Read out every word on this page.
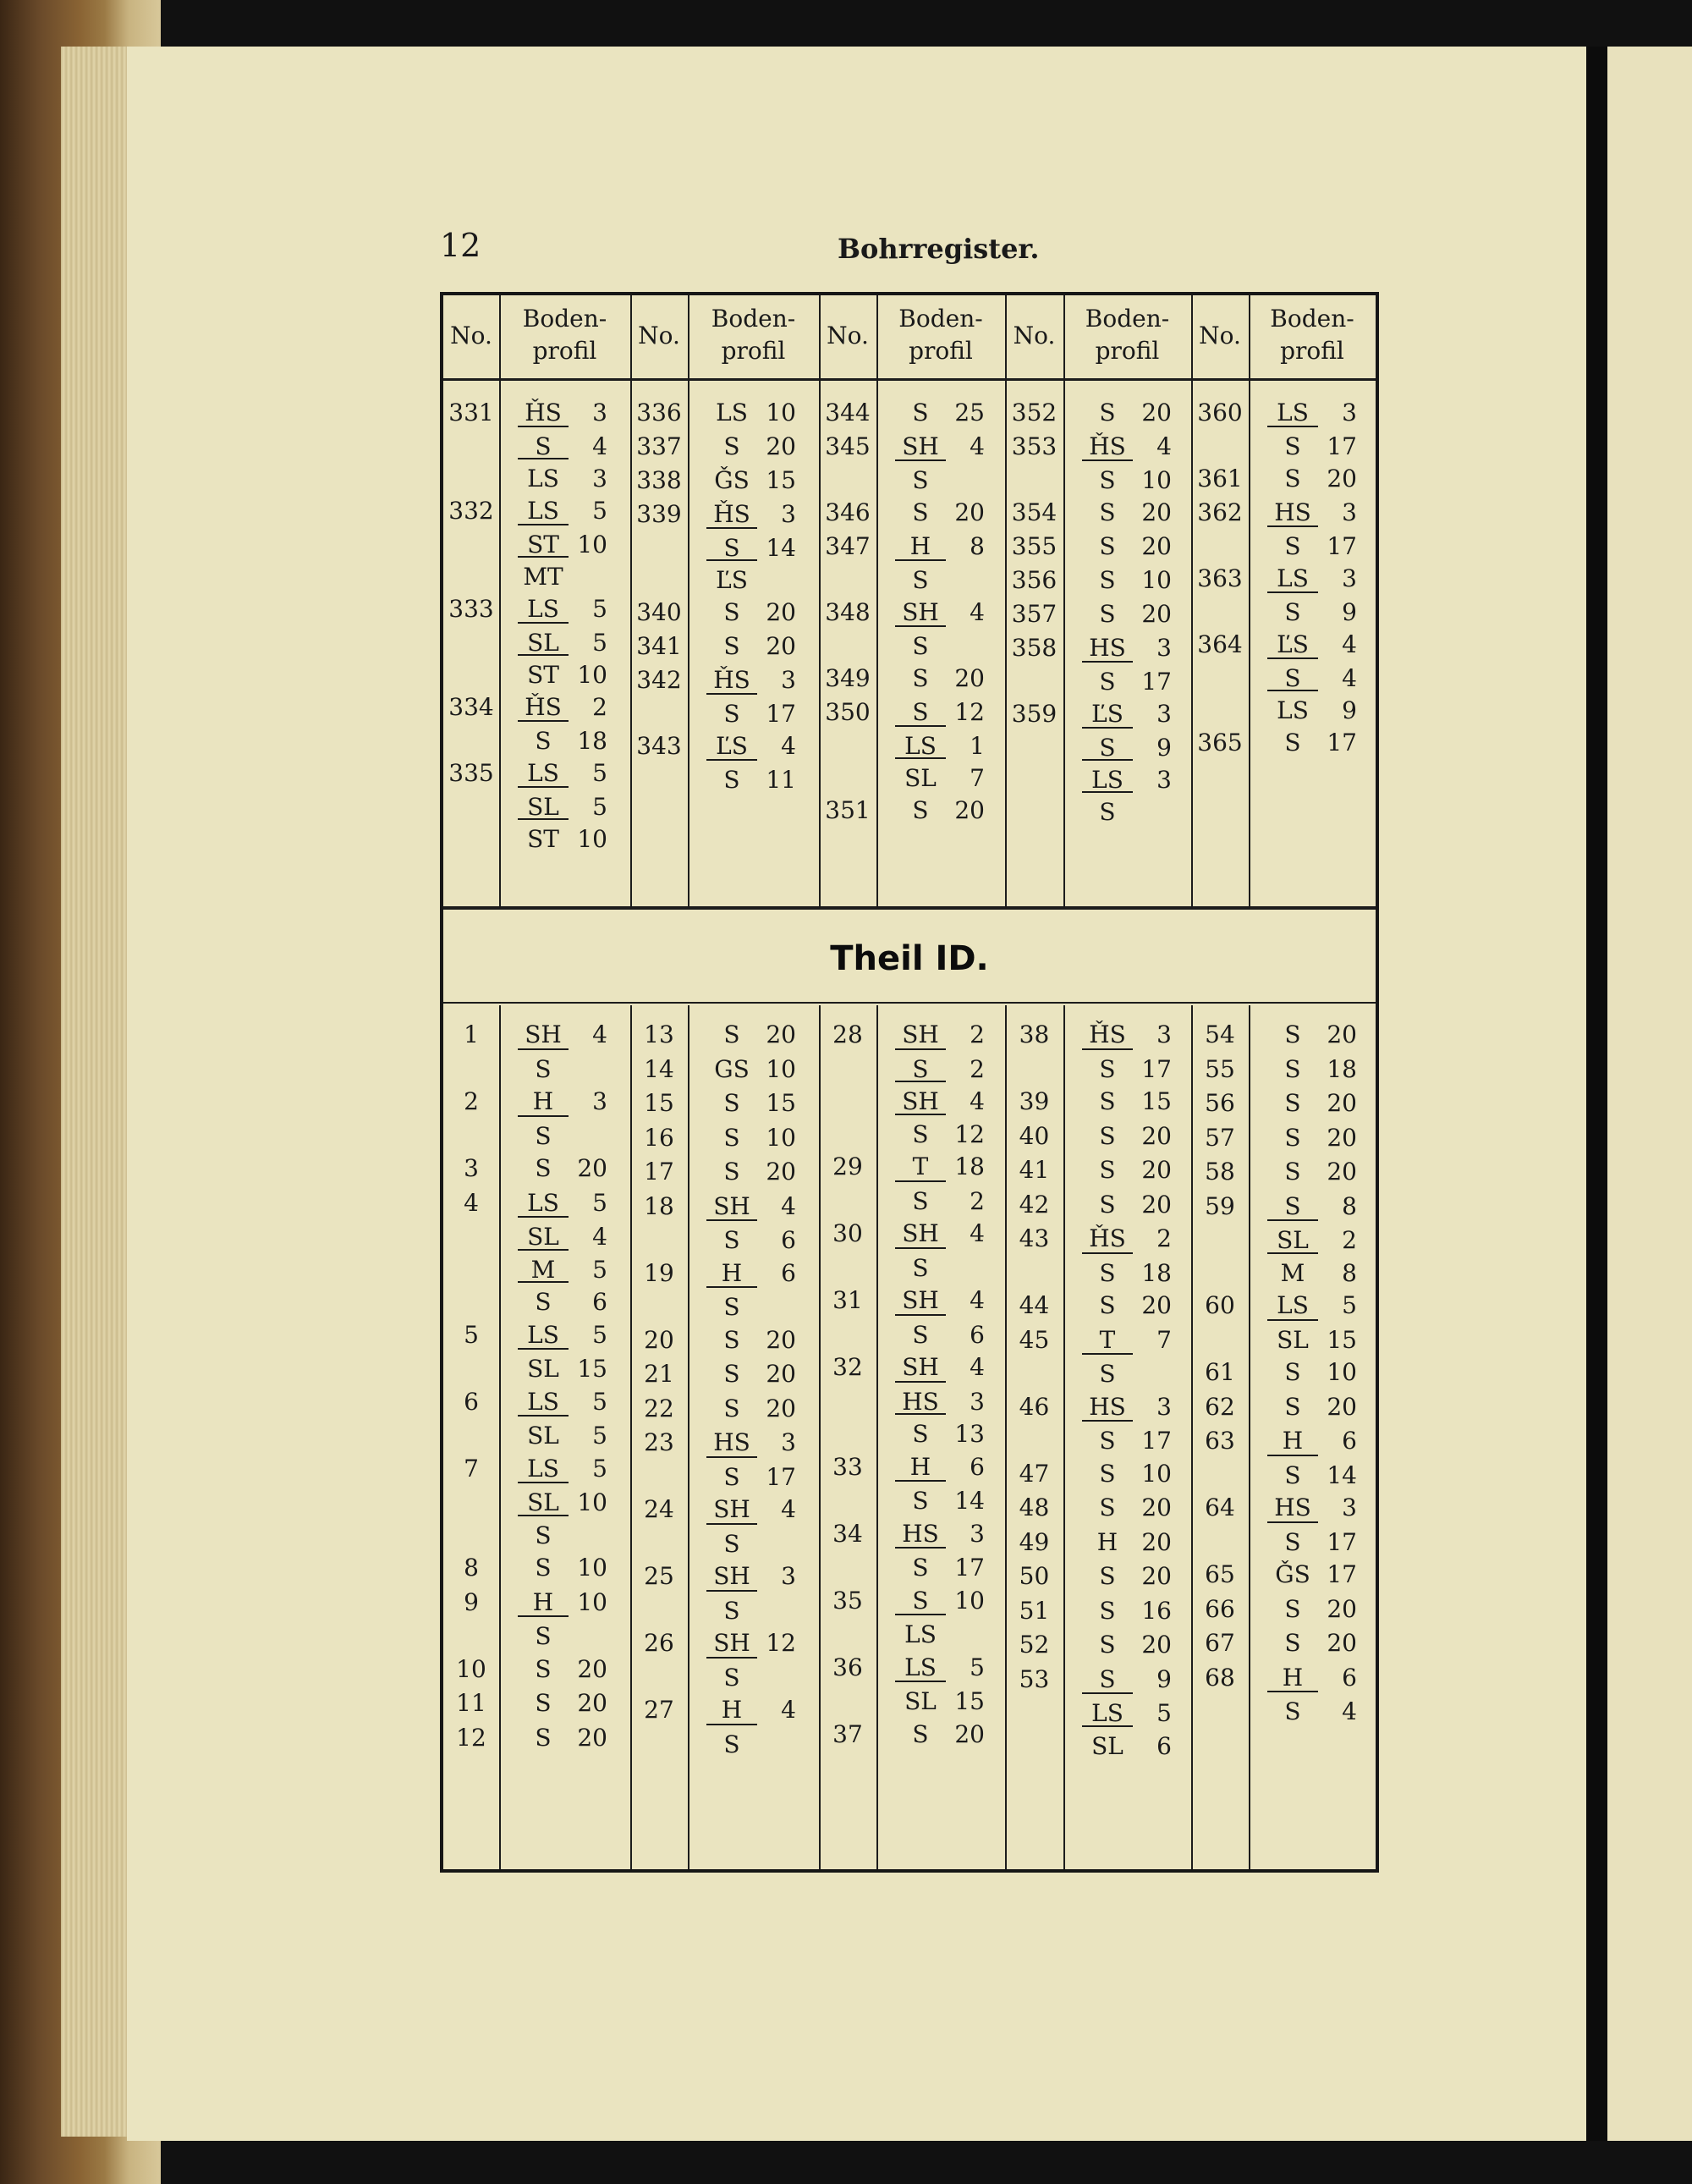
12	Bohrregister.
No.
Boden-
profil
No.
Boden-
profil
No.
Boden-
profil
No.
Boden-
profil
No.
Boden-
profil
331 ȞS 3
S 4
LS 3
332	LS 5
ST 10
MT
333	LS 5
SL 5
ST 10
334 ȞS 2
S 18
335	LS 5
SL 5
ST 10
336	LS 10
337	S 20
338	ǦS 15
339 ȞS 3
S 14
ĽS
340	S 20
341	S 20
342 ȞS 3
S 17
343	ĽS 4
S 11
344	S 25
345 SH 4
S
346	S 20
347	H 8
S
348 SH 4
S
349	S 20
350	S 12
LS 1
SL 7
351	S 20
352	S 20
353 ȞS 4
S 10
354	S 20
355	S 20
356	S 10
357	S 20
358 HS 3
S 17
359	ĽS 3
S 9
LS 3
S
360	LS 3
S 17
361	S 20
362 HS 3
S 17
363	LS 3
S 9
364	ĽS 4
S 4
LS 9
365	S 17
1	SH 4
S
2	H 3
S
3	S 20
4	LS 5
SL 4
M 5
S 6
5	LS 5
SL 15
6	LS 5
SL 5
7	LS 5
SL 10
S
8	S 10
9	H 10
S
10	S 20
11	S 20
12	S 20
13	S 20
14	GS 10
15	S 15
16	S 10
17	S 20
18	SH 4
S 6
19	H 6
S
20	S 20
21	S 20
22	S 20
23	HS 3
S 17
24	SH 4
S
25	SH 3
S
26	SH 12
S
27	H 4
S
28	SH 2
S 2
SH 4
S 12
29	T 18
S 2
30	SH 4
S
31	SH 4
S 6
32	SH 4
HS 3
S 13
33	H 6
S 14
34	HS 3
S 17
35	S 10
LS
36	LS 5
SL 15
37	S 20
38	ȞS 3
S 17
39	S 15
40	S 20
41	S 20
42	S 20
43	ȞS 2
S 18
44	S 20
45	T 7
S
46	HS 3
S 17
47	S 10
48	S 20
49	H 20
50	S 20
51	S 16
52	S 20
53	S 9
LS 5
SL 6
54	S 20
55	S 18
56	S 20
57	S 20
58	S 20
59	S 8
SL 2
M 8
60	LS 5
SL 15
61	S 10
62	S 20
63	H 6
S 14
64	HS 3
S 17
65	ǦS 17
66	S 20
67	S 20
68	H 6
S 4
Theil ID.
